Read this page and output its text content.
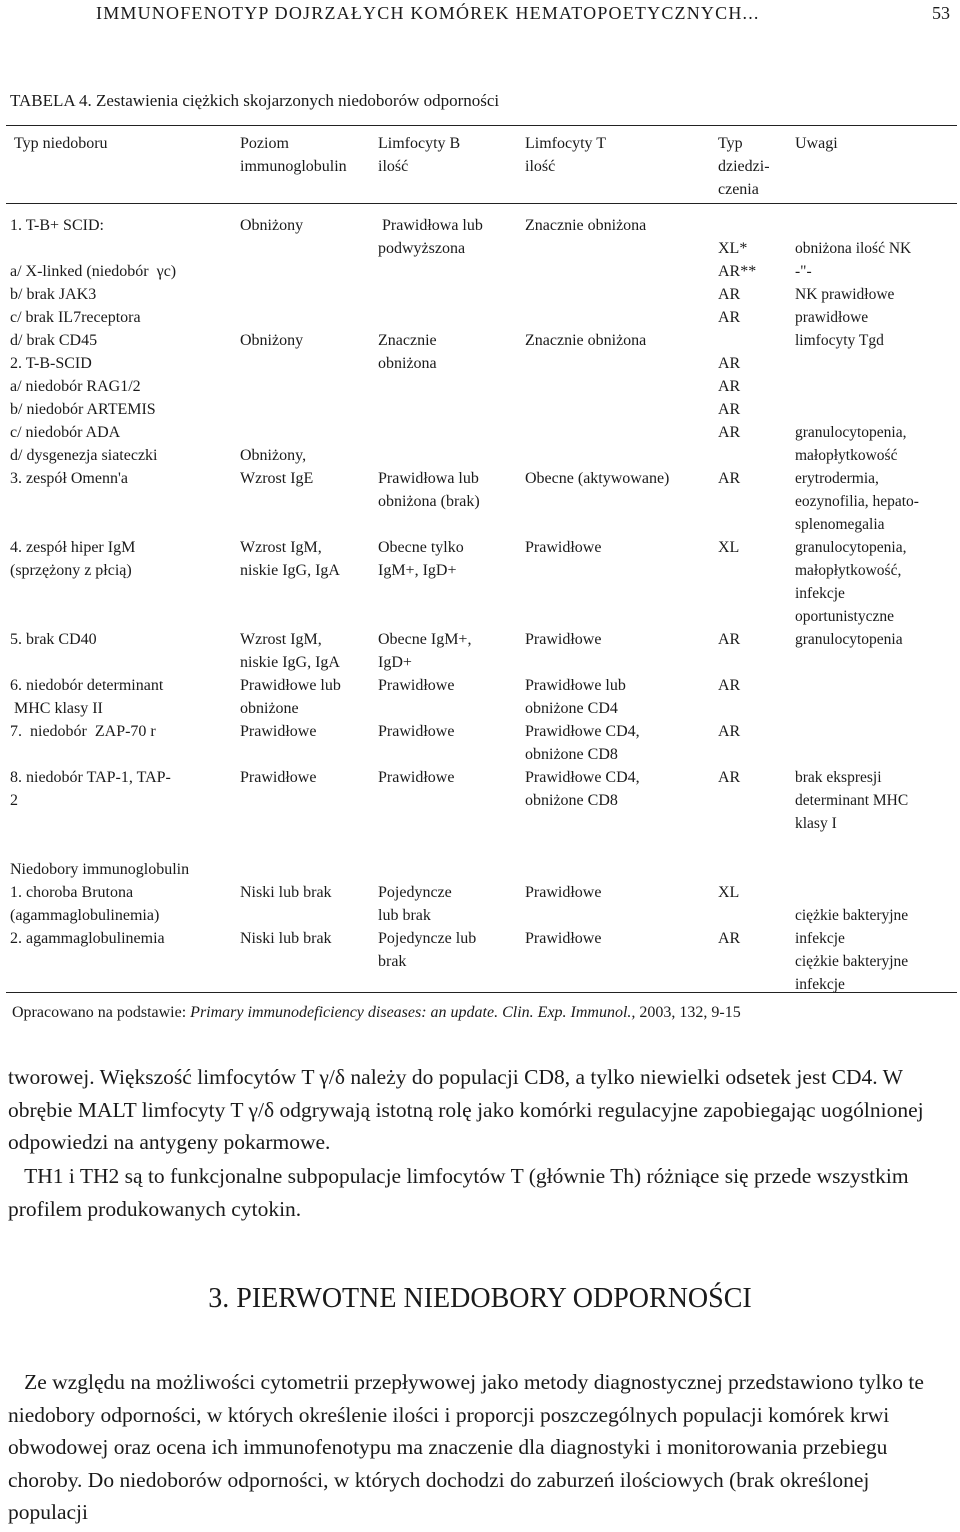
IMMUNOFENOTYP DOJRZAŁYCH KOMÓREK HEMATOPOETYCZNYCH...	53
TABELA 4. Zestawienia ciężkich skojarzonych niedoborów odporności
Typ niedoboru	Poziom
immunoglobulin
Limfocyty B
ilość
Limfocyty T
ilość
Typ
dziedzi-
czenia
Uwagi
1. T-B+ SCID:

a/ X-linked (niedobór  γc)
b/ brak JAK3
c/ brak IL7receptora
d/ brak CD45
2. T-B-SCID
a/ niedobór RAG1/2
b/ niedobór ARTEMIS
c/ niedobór ADA
d/ dysgenezja siateczki
3. zespół Omenn'a

4. zespół hiper IgM
(sprzężony z płcią)

5. brak CD40

6. niedobór determinant
MHC klasy II
7.  niedobór  ZAP-70 r

8. niedobór TAP-1, TAP-
2

Niedobory immunoglobulin
1. choroba Brutona
(agammaglobulinemia)
2. agammaglobulinemia
Obniżony

Obniżony

Obniżony,
Wzrost IgE

Wzrost IgM,
niskie IgG, IgA

Wzrost IgM,
niskie IgG, IgA
Prawidłowe lub
obniżone
Prawidłowe

Prawidłowe

Niski lub brak

Niski lub brak
Prawidłowa lub
podwyższona

Znacznie
obniżona

Prawidłowa lub
obniżona (brak)

Obecne tylko
IgM+, IgD+

Obecne IgM+,
IgD+
Prawidłowe

Prawidłowe

Prawidłowe

Pojedyncze
lub brak
Pojedyncze lub
brak
Znacznie obniżona

Znacznie obniżona

Obecne (aktywowane)

Prawidłowe

Prawidłowe

Prawidłowe lub
obniżone CD4
Prawidłowe CD4,
obniżone CD8
Prawidłowe CD4,
obniżone CD8

Prawidłowe

Prawidłowe

XL*
AR**
AR
AR

AR
AR
AR
AR

AR

XL

AR

AR

AR

AR

XL

AR

obniżona ilość NK
-"-
NK prawidłowe
prawidłowe
limfocyty Tgd

granulocytopenia,
małopłytkowość
erytrodermia,
eozynofilia, hepato-
splenomegalia
granulocytopenia,
małopłytkowość,
infekcje
oportunistyczne
granulocytopenia

brak ekspresji
determinant MHC
klasy I

ciężkie bakteryjne
infekcje
ciężkie bakteryjne
infekcje
Opracowano na podstawie: Primary immunodeficiency diseases: an update. Clin. Exp. Immunol., 2003, 132, 9-15
tworowej. Większość limfocytów T γ/δ należy do populacji CD8, a tylko niewielki odsetek jest CD4. W obrębie MALT limfocyty T γ/δ odgrywają istotną rolę jako komórki regulacyjne zapobiegając uogólnionej odpowiedzi na antygeny pokarmowe.
TH1 i TH2 są to funkcjonalne subpopulacje limfocytów T (głównie Th) różniące się przede wszystkim profilem produkowanych cytokin.
3. PIERWOTNE NIEDOBORY ODPORNOŚCI
Ze względu na możliwości cytometrii przepływowej jako metody diagnostycznej przedstawiono tylko te niedobory odporności, w których określenie ilości i proporcji poszczególnych populacji komórek krwi obwodowej oraz ocena ich immunofenotypu ma znaczenie dla diagnostyki i monitorowania przebiegu choroby. Do niedoborów odporności, w których dochodzi do zaburzeń ilościowych (brak określonej populacji
